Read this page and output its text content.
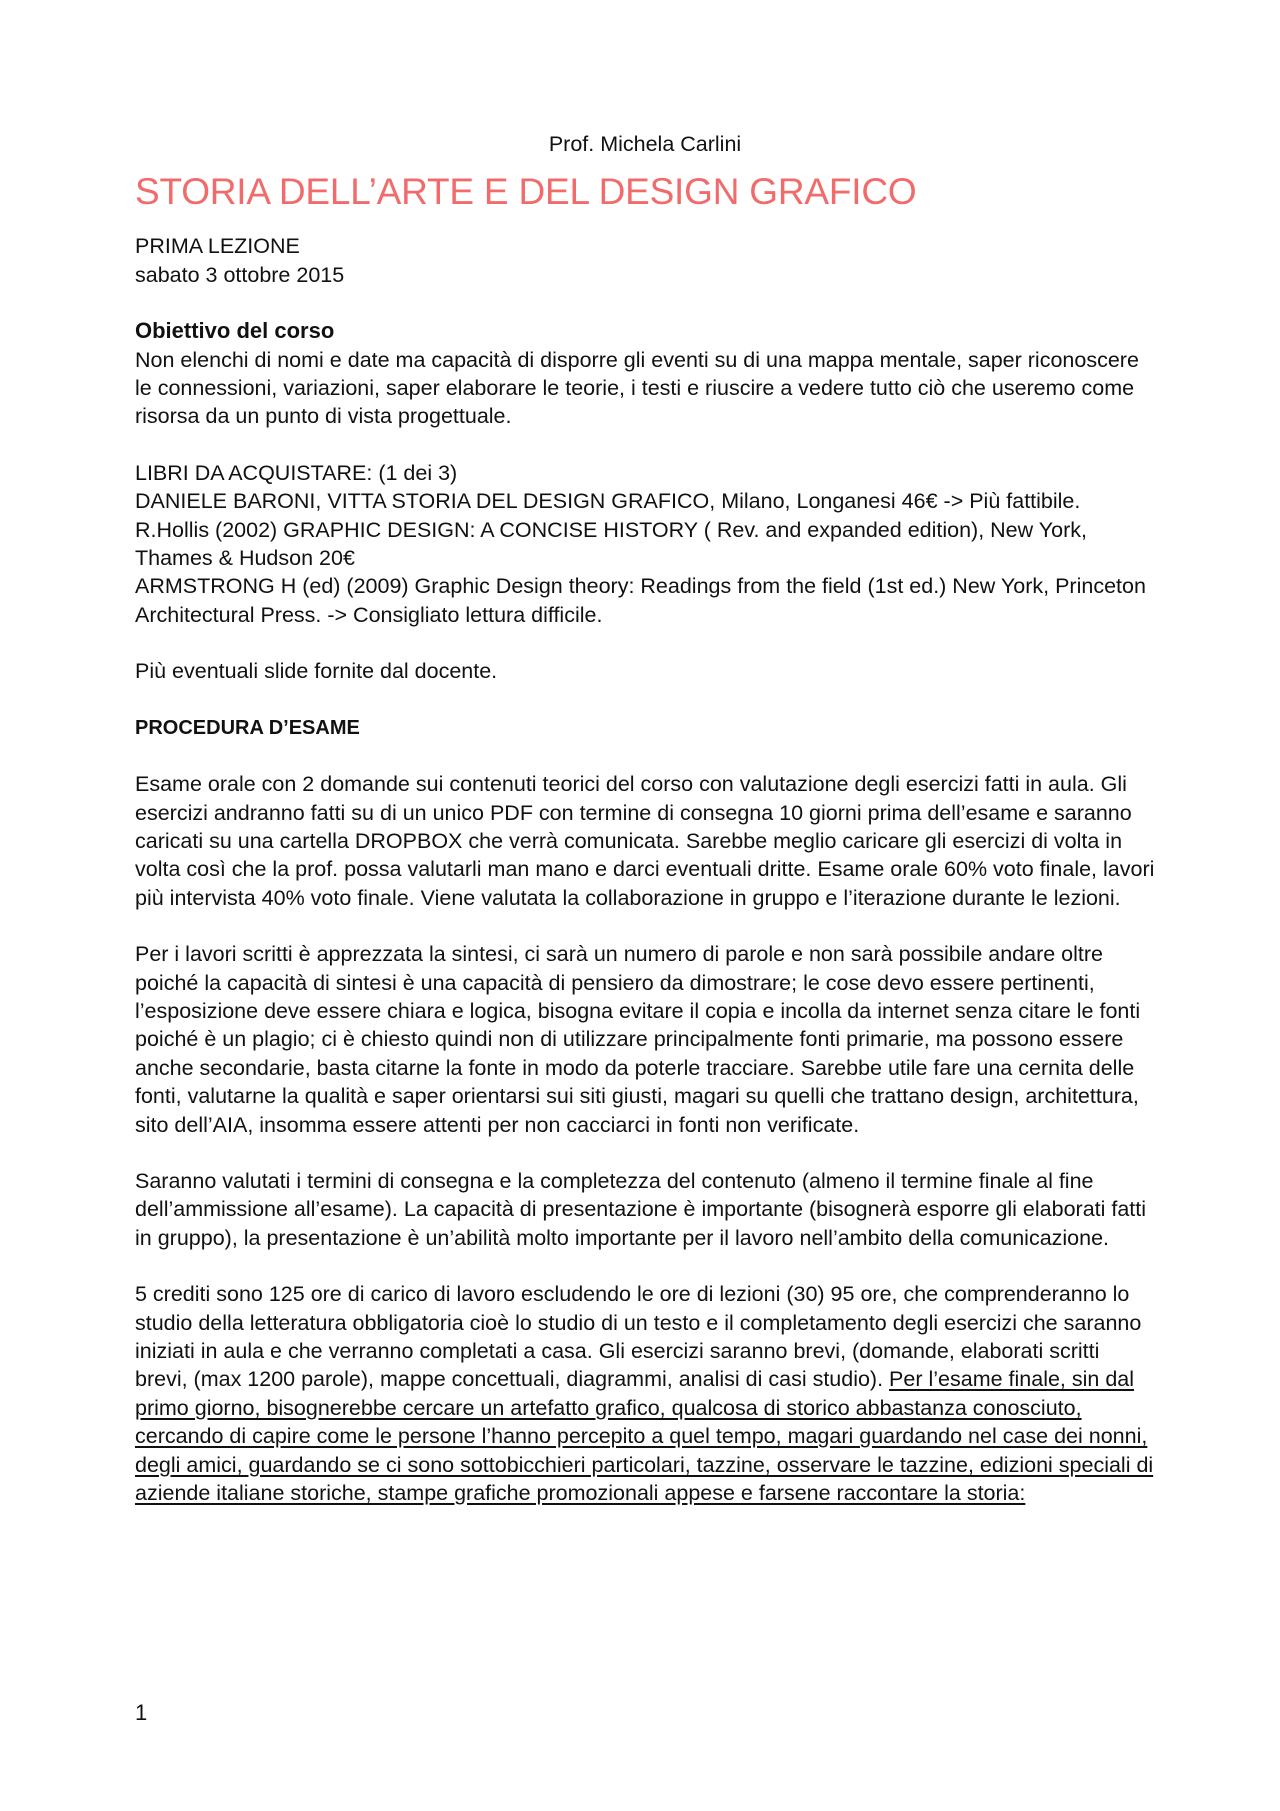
Prof. Michela Carlini
STORIA DELL’ARTE E DEL DESIGN GRAFICO
PRIMA LEZIONE
sabato 3 ottobre 2015
Obiettivo del corso

Non elenchi di nomi e date ma capacità di disporre gli eventi su di una mappa mentale, saper riconoscere le connessioni, variazioni, saper elaborare le teorie, i testi e riuscire a vedere tutto ciò che useremo come risorsa da un punto di vista progettuale.

LIBRI DA ACQUISTARE: (1 dei 3)

DANIELE BARONI, VITTA STORIA DEL DESIGN GRAFICO, Milano, Longanesi 46€ -> Più fattibile.

R.Hollis (2002) GRAPHIC DESIGN: A CONCISE HISTORY ( Rev. and expanded edition), New York, Thames & Hudson 20€

ARMSTRONG H (ed) (2009) Graphic Design theory: Readings from the field (1st ed.) New York, Princeton Architectural Press. -> Consigliato lettura difficile.

Più eventuali slide fornite dal docente.

PROCEDURA D’ESAME

Esame orale con 2 domande sui contenuti teorici del corso con valutazione degli esercizi fatti in aula. Gli esercizi andranno fatti su di un unico PDF con termine di consegna 10 giorni prima dell’esame e saranno caricati su una cartella DROPBOX che verrà comunicata. Sarebbe meglio caricare gli esercizi di volta in volta così che la prof. possa valutarli man mano e darci eventuali dritte. Esame orale 60% voto finale, lavori più intervista 40% voto finale. Viene valutata la collaborazione in gruppo e l’iterazione durante le lezioni.

Per i lavori scritti è apprezzata la sintesi, ci sarà un numero di parole e non sarà possibile andare oltre poiché la capacità di sintesi è una capacità di pensiero da dimostrare; le cose devo essere pertinenti, l’esposizione deve essere chiara e logica, bisogna evitare il copia e incolla da internet senza citare le fonti poiché è un plagio; ci è chiesto quindi non di utilizzare principalmente fonti primarie, ma possono essere anche secondarie, basta citarne la fonte in modo da poterle tracciare. Sarebbe utile fare una cernita delle fonti, valutarne la qualità e saper orientarsi sui siti giusti, magari su quelli che trattano design, architettura, sito dell’AIA, insomma essere attenti per non cacciarci in fonti non verificate.

Saranno valutati i termini di consegna e la completezza del contenuto (almeno il termine finale al fine dell’ammissione all’esame). La capacità di presentazione è importante (bisognerà esporre gli elaborati fatti in gruppo), la presentazione è un’abilità molto importante per il lavoro nell’ambito della comunicazione.

5 crediti sono 125 ore di carico di lavoro escludendo le ore di lezioni (30) 95 ore, che comprenderanno lo studio della letteratura obbligatoria cioè lo studio di un testo e il completamento degli esercizi che saranno iniziati in aula e che verranno completati a casa. Gli esercizi saranno brevi, (domande, elaborati scritti brevi, (max 1200 parole), mappe concettuali, diagrammi, analisi di casi studio). Per l’esame finale, sin dal primo giorno, bisognerebbe cercare un artefatto grafico, qualcosa di storico abbastanza conosciuto, cercando di capire come le persone l’hanno percepito a quel tempo, magari guardando nel case dei nonni, degli amici, guardando se ci sono sottobicchieri particolari, tazzine, osservare le tazzine, edizioni speciali di aziende italiane storiche, stampe grafiche promozionali appese e farsene raccontare la storia:

1
